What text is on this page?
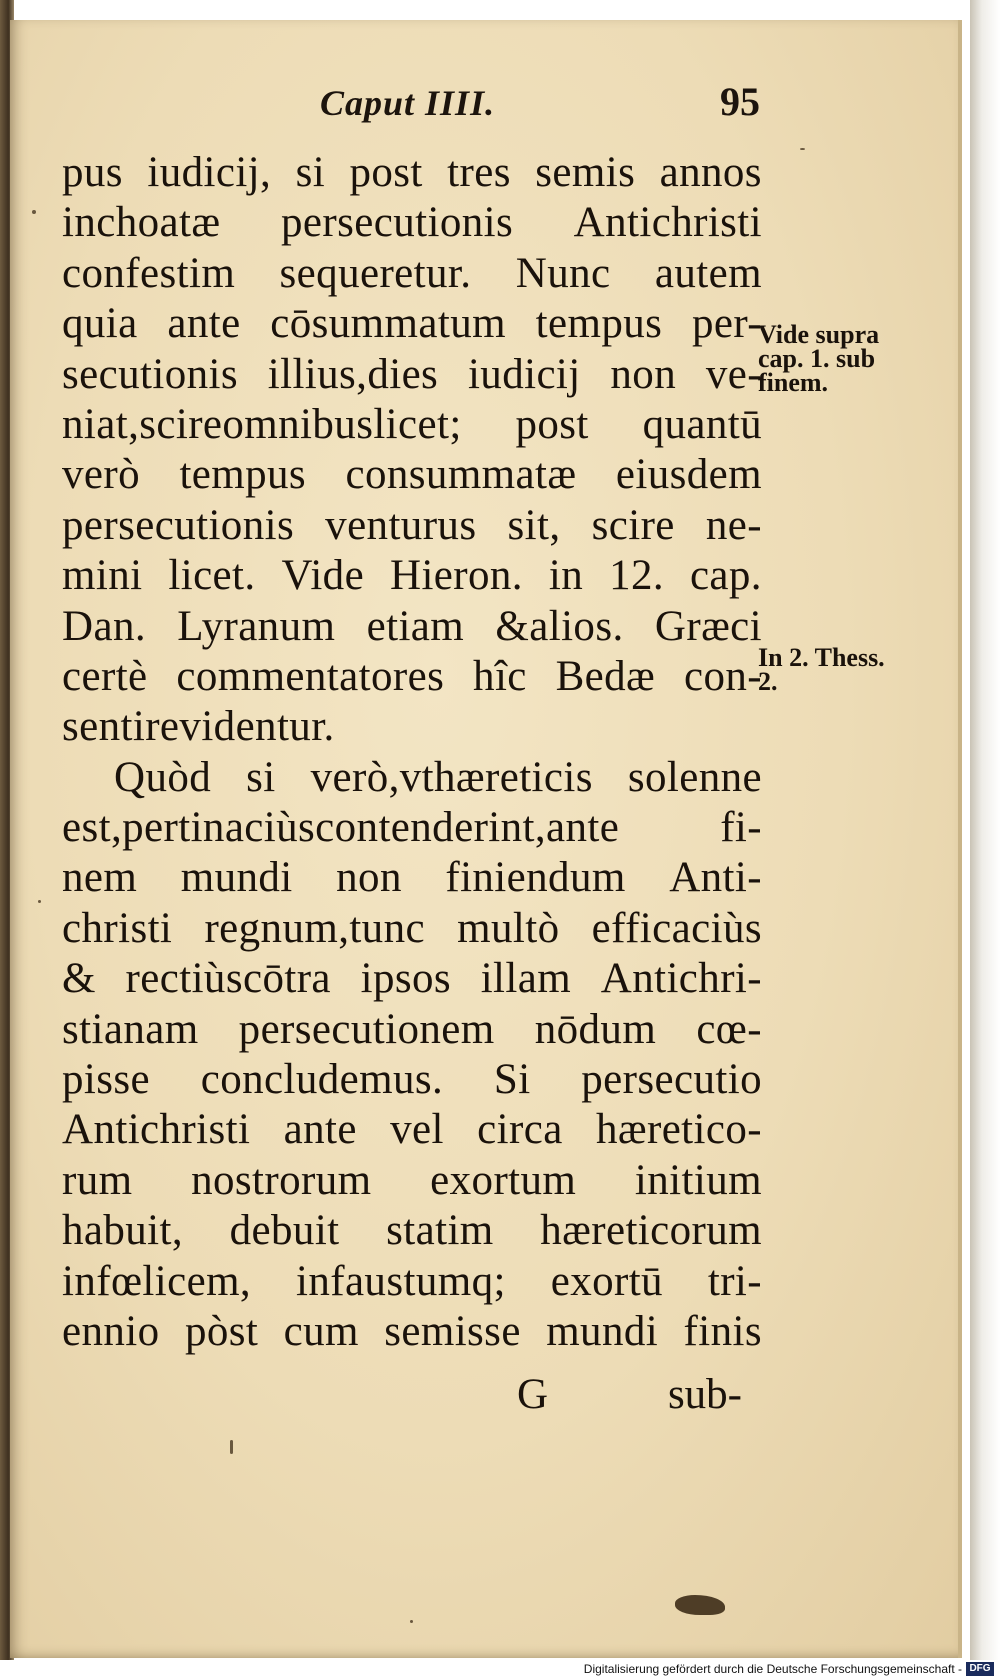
Caput IIII.	95
pus iudicij, si post tres semis annos
inchoatæ persecutionis Antichristi
confestim sequeretur. Nunc autem
quia ante cōsummatum tempus per-
secutionis illius,dies iudicij non ve-
niat,scireomnibuslicet; post quantū
verò tempus consummatæ eiusdem
persecutionis venturus sit, scire ne-
mini licet. Vide Hieron. in 12. cap.
Dan. Lyranum etiam &alios. Græci
certè commentatores hîc Bedæ con-
sentirevidentur.
Quòd si verò,vthæreticis solenne
est,pertinaciùscontenderint,ante fi-
nem mundi non finiendum Anti-
christi regnum,tunc multò efficaciùs
& rectiùscōtra ipsos illam Antichri-
stianam persecutionem nōdum cœ-
pisse concludemus. Si persecutio
Antichristi ante vel circa hæretico-
rum nostrorum exortum initium
habuit, debuit statim hæreticorum
infœlicem, infaustumq; exortū tri-
ennio pòst cum semisse mundi finis
G	sub-
Vide supra
cap. 1. sub
finem.
In 2. Thess.
2.
Digitalisierung gefördert durch die Deutsche Forschungsgemeinschaft - DFG
